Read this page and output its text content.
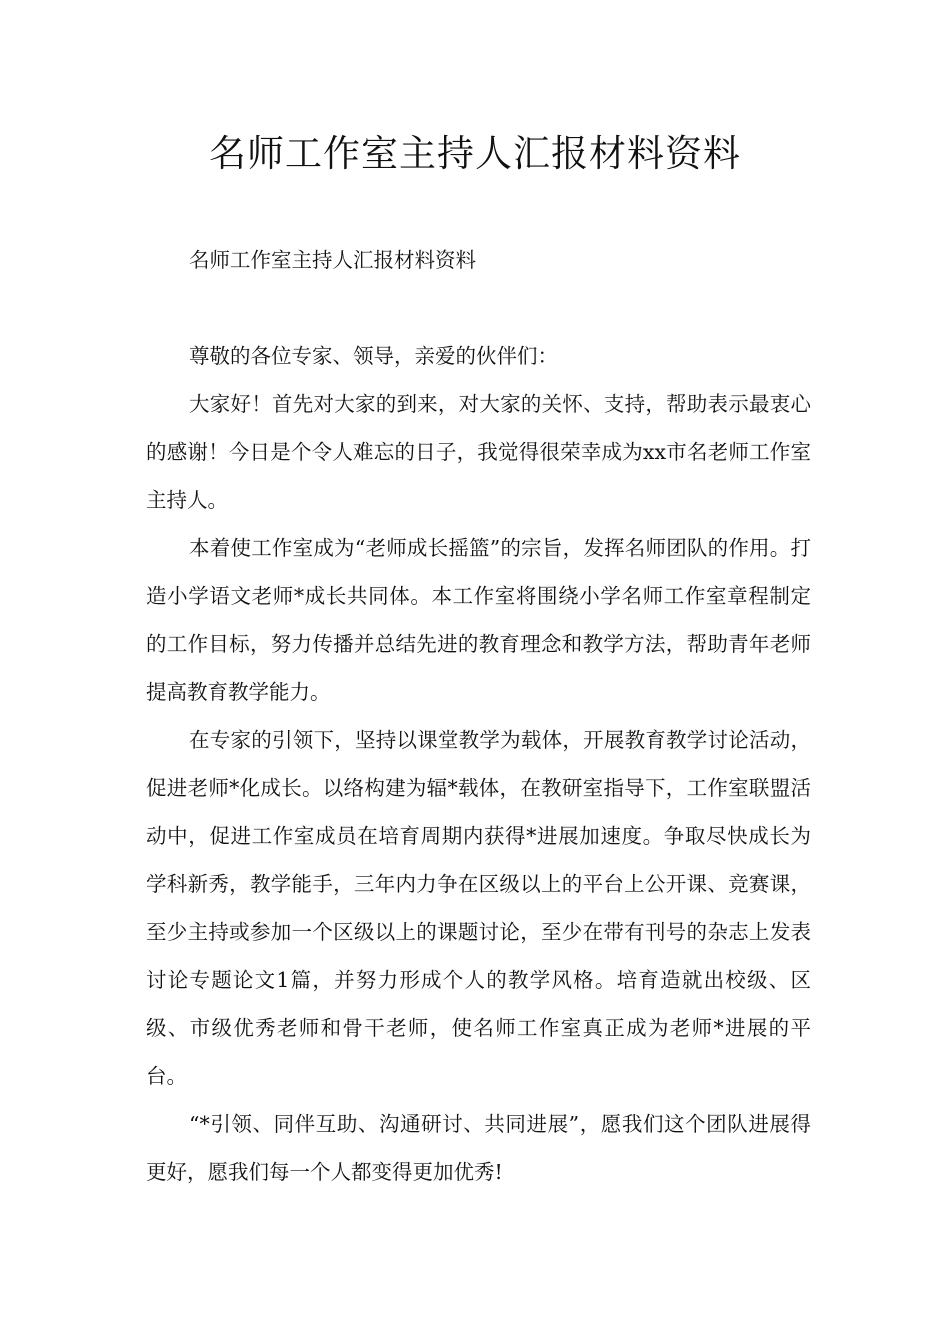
名师工作室主持人汇报材料资料

名师工作室主持人汇报材料资料

尊敬的各位专家、领导，亲爱的伙伴们：

大家好！首先对大家的到来，对大家的关怀、支持，帮助表示最衷心的感谢！今日是个令人难忘的日子，我觉得很荣幸成为xx市名老师工作室主持人。

本着使工作室成为“老师成长摇篮”的宗旨，发挥名师团队的作用。打造小学语文老师*成长共同体。本工作室将围绕小学名师工作室章程制定的工作目标，努力传播并总结先进的教育理念和教学方法，帮助青年老师提高教育教学能力。

在专家的引领下，坚持以课堂教学为载体，开展教育教学讨论活动，促进老师*化成长。以络构建为辐*载体，在教研室指导下，工作室联盟活动中，促进工作室成员在培育周期内获得*进展加速度。争取尽快成长为学科新秀，教学能手，三年内力争在区级以上的平台上公开课、竞赛课，至少主持或参加一个区级以上的课题讨论，至少在带有刊号的杂志上发表讨论专题论文1篇，并努力形成个人的教学风格。培育造就出校级、区级、市级优秀老师和骨干老师，使名师工作室真正成为老师*进展的平台。

“*引领、同伴互助、沟通研讨、共同进展”，愿我们这个团队进展得更好，愿我们每一个人都变得更加优秀!
